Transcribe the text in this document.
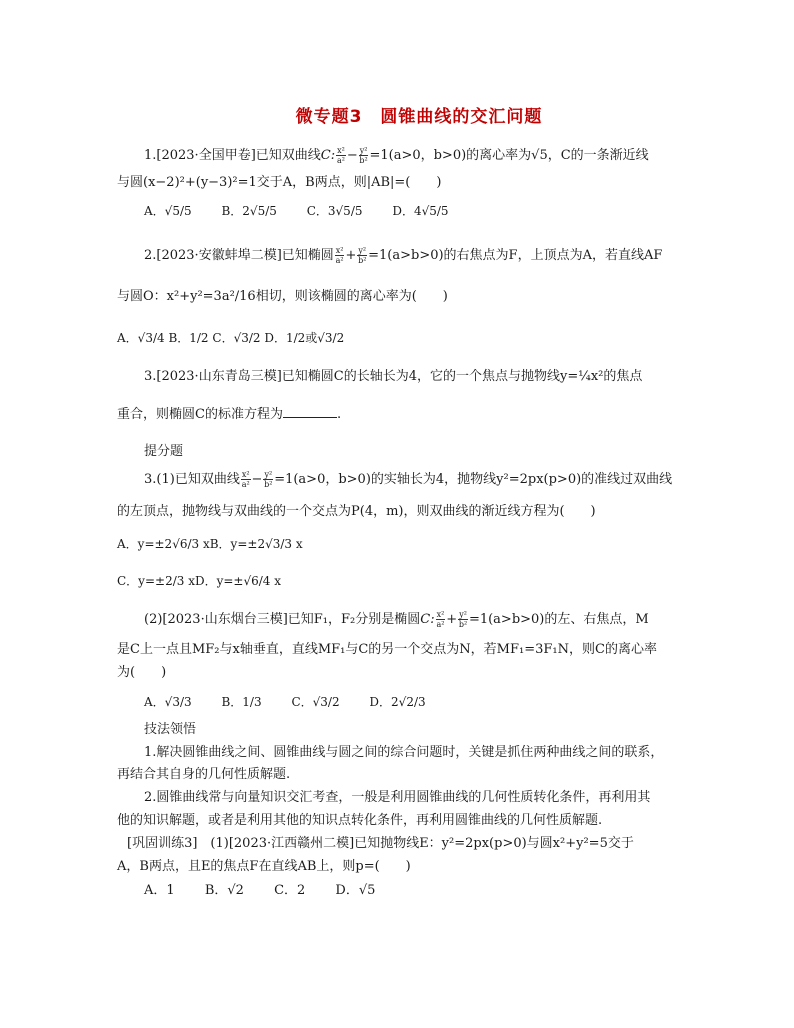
微专题3　圆锥曲线的交汇问题
1.[2023·全国甲卷]已知双曲线C: $\frac{\text{x²}}{\text{a²}} - \frac{\text{y²}}{\text{b²}} =1(a>0$，b>0)的离心率为√5，C的一条渐近线
与圆(x−2)²+(y−3)²=1交于A，B两点，则|AB|=(　　)
A．√5/5 B．2√5/5 C．3√5/5 D．4√5/5
2.[2023·安徽蚌埠二模]已知椭圆 $\frac{\text{x²}}{\text{a²}} + \frac{\text{y²}}{\text{b²}} =1(a>b>0)$的右焦点为F，上顶点为A，若直线AF
与圆O：x²+y²=3a²/16相切，则该椭圆的离心率为(　　)
A．√3/4 B．1/2 C．√3/2 D．1/2或√3/2
3.[2023·山东青岛三模]已知椭圆C的长轴长为4，它的一个焦点与抛物线y=¼x²的焦点
重合，则椭圆C的标准方程为	.
提分题
3.(1)已知双曲线 $\frac{\text{x²}}{\text{a²}} - \frac{\text{y²}}{\text{b²}} =1(a>0$，b>0)的实轴长为4，抛物线y²=2px(p>0)的准线过双曲线
的左顶点，抛物线与双曲线的一个交点为P(4，m)，则双曲线的渐近线方程为(　　)
A．y=±2√6/3 xB．y=±2√3/3 x
C．y=±2/3 xD．y=±√6/4 x
(2)[2023·山东烟台三模]已知F₁，F₂分别是椭圆C: $\frac{\text{x²}}{\text{a²}} + \frac{\text{y²}}{\text{b²}} =1(a>b>0)$的左、右焦点，M
是C上一点且MF₂与x轴垂直，直线MF₁与C的另一个交点为N，若MF₁=3F₁N，则C的离心率
为(　　)
A．√3/3 B．1/3 C．√3/2 D．2√2/3
技法领悟
1.解决圆锥曲线之间、圆锥曲线与圆之间的综合问题时，关键是抓住两种曲线之间的联系，
再结合其自身的几何性质解题.
2.圆锥曲线常与向量知识交汇考查，一般是利用圆锥曲线的几何性质转化条件，再利用其
他的知识解题，或者是利用其他的知识点转化条件，再利用圆锥曲线的几何性质解题.
[巩固训练3]　(1)[2023·江西赣州二模]已知抛物线E：y²=2px(p>0)与圆x²+y²=5交于
A，B两点，且E的焦点F在直线AB上，则p=(　　)
A．1 B．√2 C．2 D．√5
